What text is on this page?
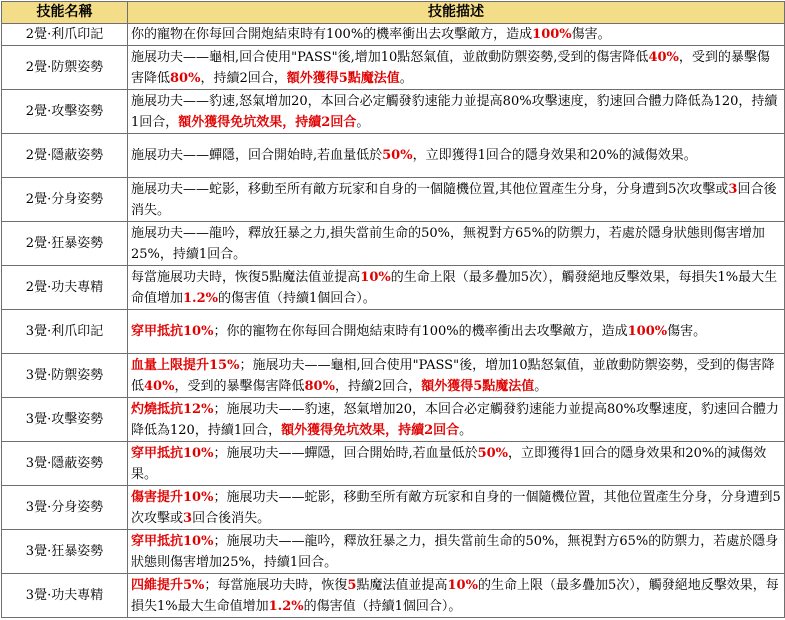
技能名稱	技能描述
2覺·利爪印記	你的寵物在你每回合開炮結束時有100%的機率衝出去攻擊敵方，造成100%傷害。
2覺·防禦姿勢	施展功夫——龜相,回合使用"PASS"後,增加10點怒氣值，並啟動防禦姿勢,受到的傷害降低40%，受到的暴擊傷害降低80%，持續2回合，額外獲得5點魔法值。
2覺·攻擊姿勢	施展功夫——豹速,怒氣增加20，本回合必定觸發豹速能力並提高80%攻擊速度，豹速回合體力降低為120，持續1回合，額外獲得免坑效果，持續2回合。
2覺·隱蔽姿勢	施展功夫——蟬隱，回合開始時,若血量低於50%，立即獲得1回合的隱身效果和20%的減傷效果。
2覺·分身姿勢	施展功夫——蛇影，移動至所有敵方玩家和自身的一個隨機位置,其他位置產生分身，分身遭到5次攻擊或3回合後消失。
2覺·狂暴姿勢	施展功夫——龍吟，釋放狂暴之力,損失當前生命的50%，無視對方65%的防禦力，若處於隱身狀態則傷害增加25%，持續1回合。
2覺·功夫專精	每當施展功夫時，恢復5點魔法值並提高10%的生命上限（最多疊加5次），觸發絕地反擊效果，每損失1%最大生命值增加1.2%的傷害值（持續1個回合）。
3覺·利爪印記	穿甲抵抗10%；你的寵物在你每回合開炮結束時有100%的機率衝出去攻擊敵方，造成100%傷害。
3覺·防禦姿勢	血量上限提升15%；施展功夫——龜相,回合使用"PASS"後，增加10點怒氣值，並啟動防禦姿勢，受到的傷害降低40%，受到的暴擊傷害降低80%，持續2回合，額外獲得5點魔法值。
3覺·攻擊姿勢	灼燒抵抗12%；施展功夫——豹速，怒氣增加20，本回合必定觸發豹速能力並提高80%攻擊速度，豹速回合體力降低為120，持續1回合，額外獲得免坑效果，持續2回合。
3覺·隱蔽姿勢	穿甲抵抗10%；施展功夫——蟬隱，回合開始時,若血量低於50%，立即獲得1回合的隱身效果和20%的減傷效果。
3覺·分身姿勢	傷害提升10%；施展功夫——蛇影，移動至所有敵方玩家和自身的一個隨機位置，其他位置產生分身，分身遭到5次攻擊或3回合後消失。
3覺·狂暴姿勢	穿甲抵抗10%；施展功夫——龍吟，釋放狂暴之力，損失當前生命的50%，無視對方65%的防禦力，若處於隱身狀態則傷害增加25%，持續1回合。
3覺·功夫專精	四維提升5%；每當施展功夫時，恢復5點魔法值並提高10%的生命上限（最多疊加5次），觸發絕地反擊效果，每損失1%最大生命值增加1.2%的傷害值（持續1個回合）。
